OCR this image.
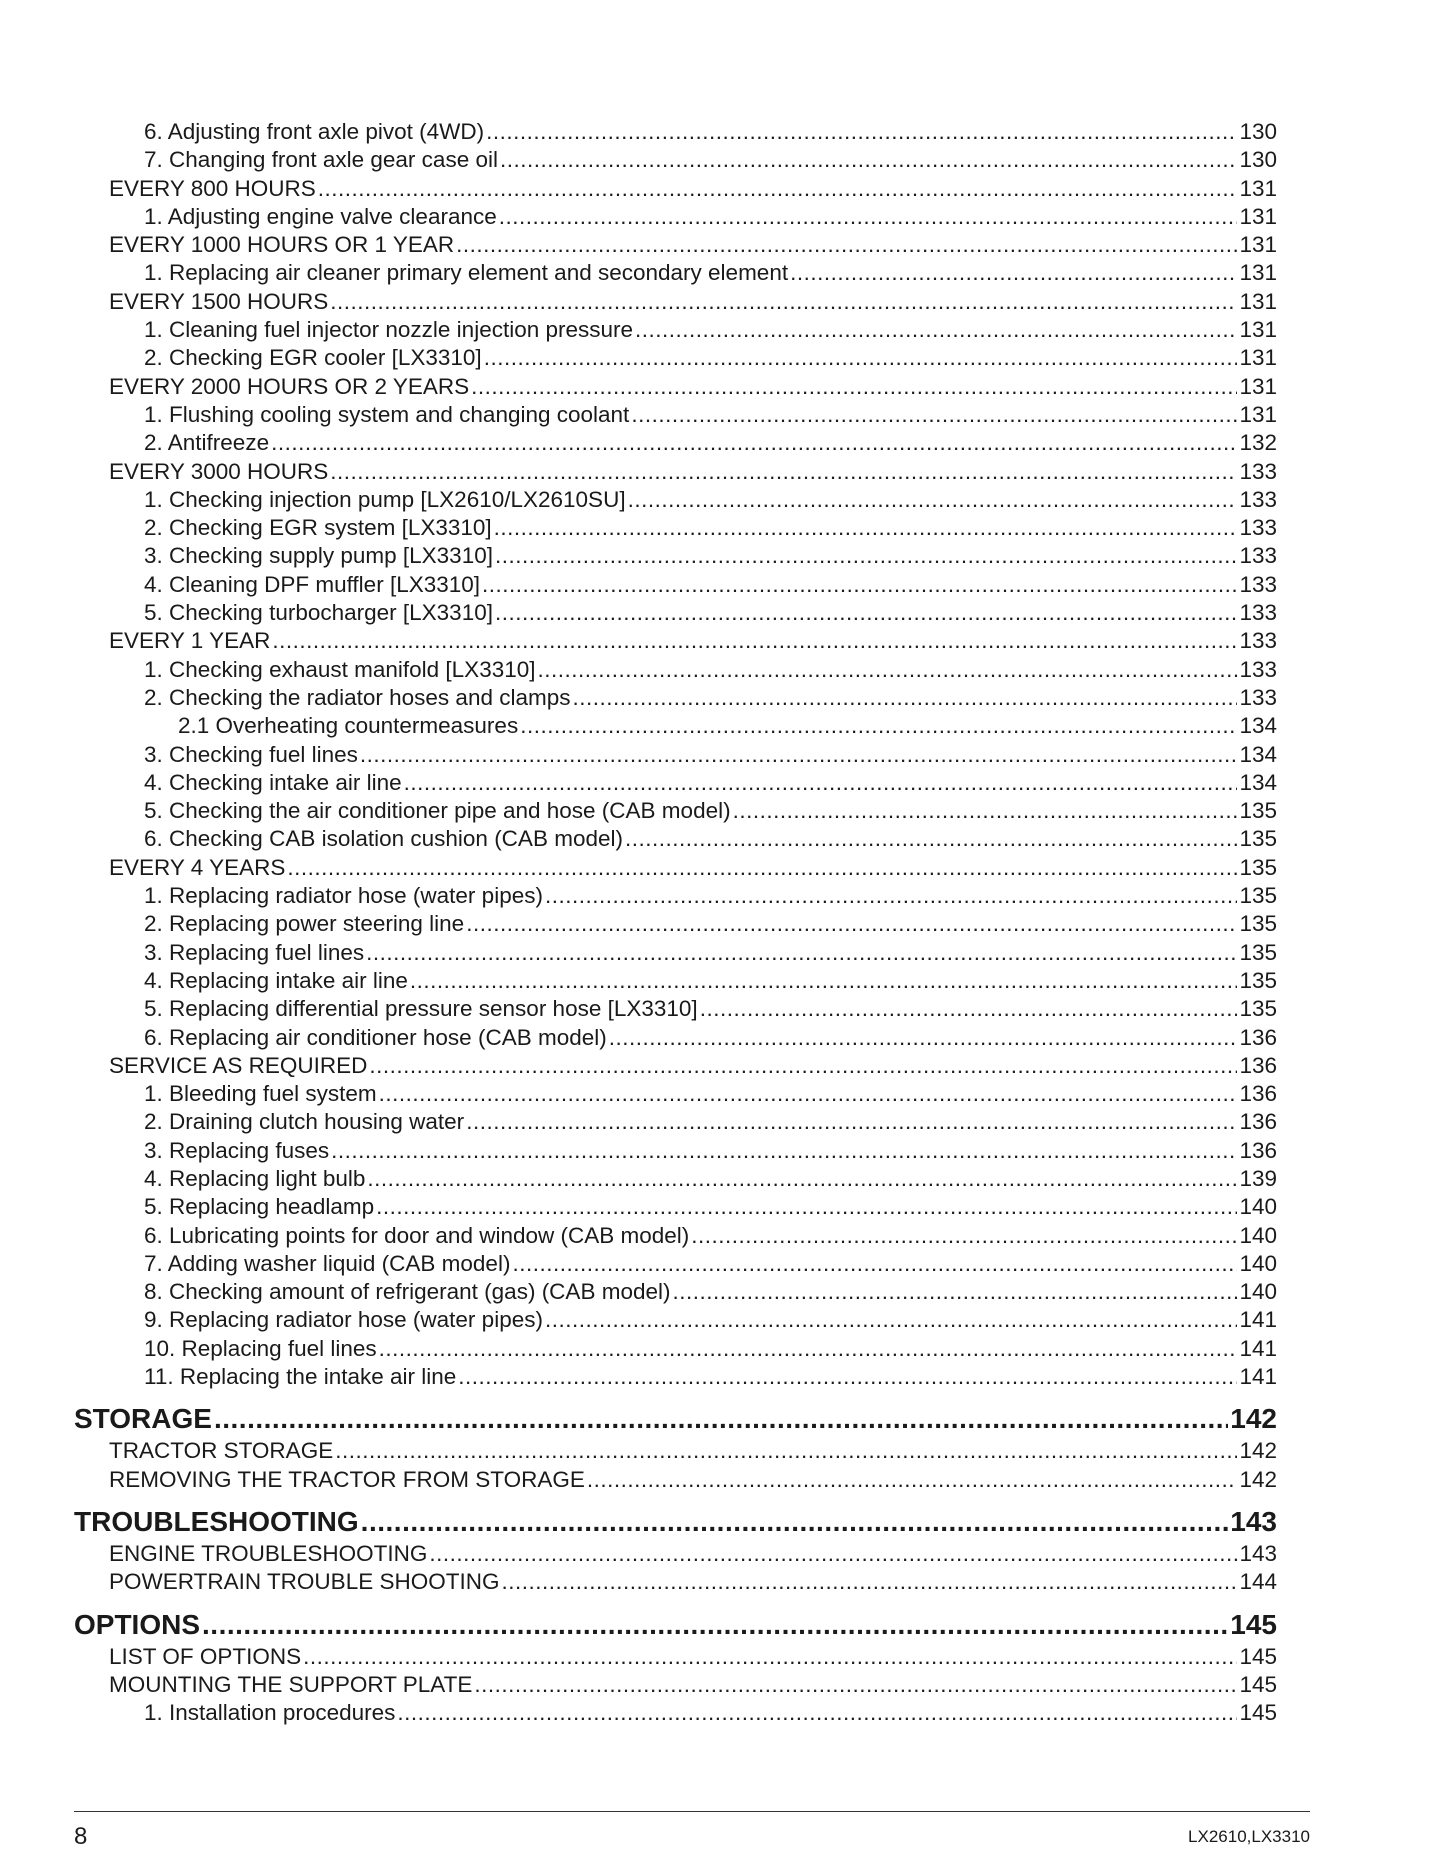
6. Adjusting front axle pivot (4WD) .....	130
7. Changing front axle gear case oil .....	130
EVERY 800 HOURS .....	131
1. Adjusting engine valve clearance .....	131
EVERY 1000 HOURS OR 1 YEAR .....	131
1. Replacing air cleaner primary element and secondary element .....	131
EVERY 1500 HOURS .....	131
1. Cleaning fuel injector nozzle injection pressure .....	131
2. Checking EGR cooler [LX3310] .....	131
EVERY 2000 HOURS OR 2 YEARS .....	131
1. Flushing cooling system and changing coolant .....	131
2. Antifreeze .....	132
EVERY 3000 HOURS .....	133
1. Checking injection pump [LX2610/LX2610SU] .....	133
2. Checking EGR system [LX3310] .....	133
3. Checking supply pump [LX3310] .....	133
4. Cleaning DPF muffler [LX3310] .....	133
5. Checking turbocharger [LX3310] .....	133
EVERY 1 YEAR .....	133
1. Checking exhaust manifold [LX3310] .....	133
2. Checking the radiator hoses and clamps .....	133
2.1 Overheating countermeasures .....	134
3. Checking fuel lines .....	134
4. Checking intake air line .....	134
5. Checking the air conditioner pipe and hose (CAB model) .....	135
6. Checking CAB isolation cushion (CAB model) .....	135
EVERY 4 YEARS .....	135
1. Replacing radiator hose (water pipes) .....	135
2. Replacing power steering line .....	135
3. Replacing fuel lines .....	135
4. Replacing intake air line .....	135
5. Replacing differential pressure sensor hose [LX3310] .....	135
6. Replacing air conditioner hose (CAB model) .....	136
SERVICE AS REQUIRED .....	136
1. Bleeding fuel system .....	136
2. Draining clutch housing water .....	136
3. Replacing fuses .....	136
4. Replacing light bulb .....	139
5. Replacing headlamp .....	140
6. Lubricating points for door and window (CAB model) .....	140
7. Adding washer liquid (CAB model) .....	140
8. Checking amount of refrigerant (gas) (CAB model) .....	140
9. Replacing radiator hose (water pipes) .....	141
10. Replacing fuel lines .....	141
11. Replacing the intake air line .....	141
STORAGE .....	142
TRACTOR STORAGE .....	142
REMOVING THE TRACTOR FROM STORAGE .....	142
TROUBLESHOOTING .....	143
ENGINE TROUBLESHOOTING .....	143
POWERTRAIN TROUBLE SHOOTING .....	144
OPTIONS .....	145
LIST OF OPTIONS .....	145
MOUNTING THE SUPPORT PLATE .....	145
1. Installation procedures .....	145
8	LX2610,LX3310
